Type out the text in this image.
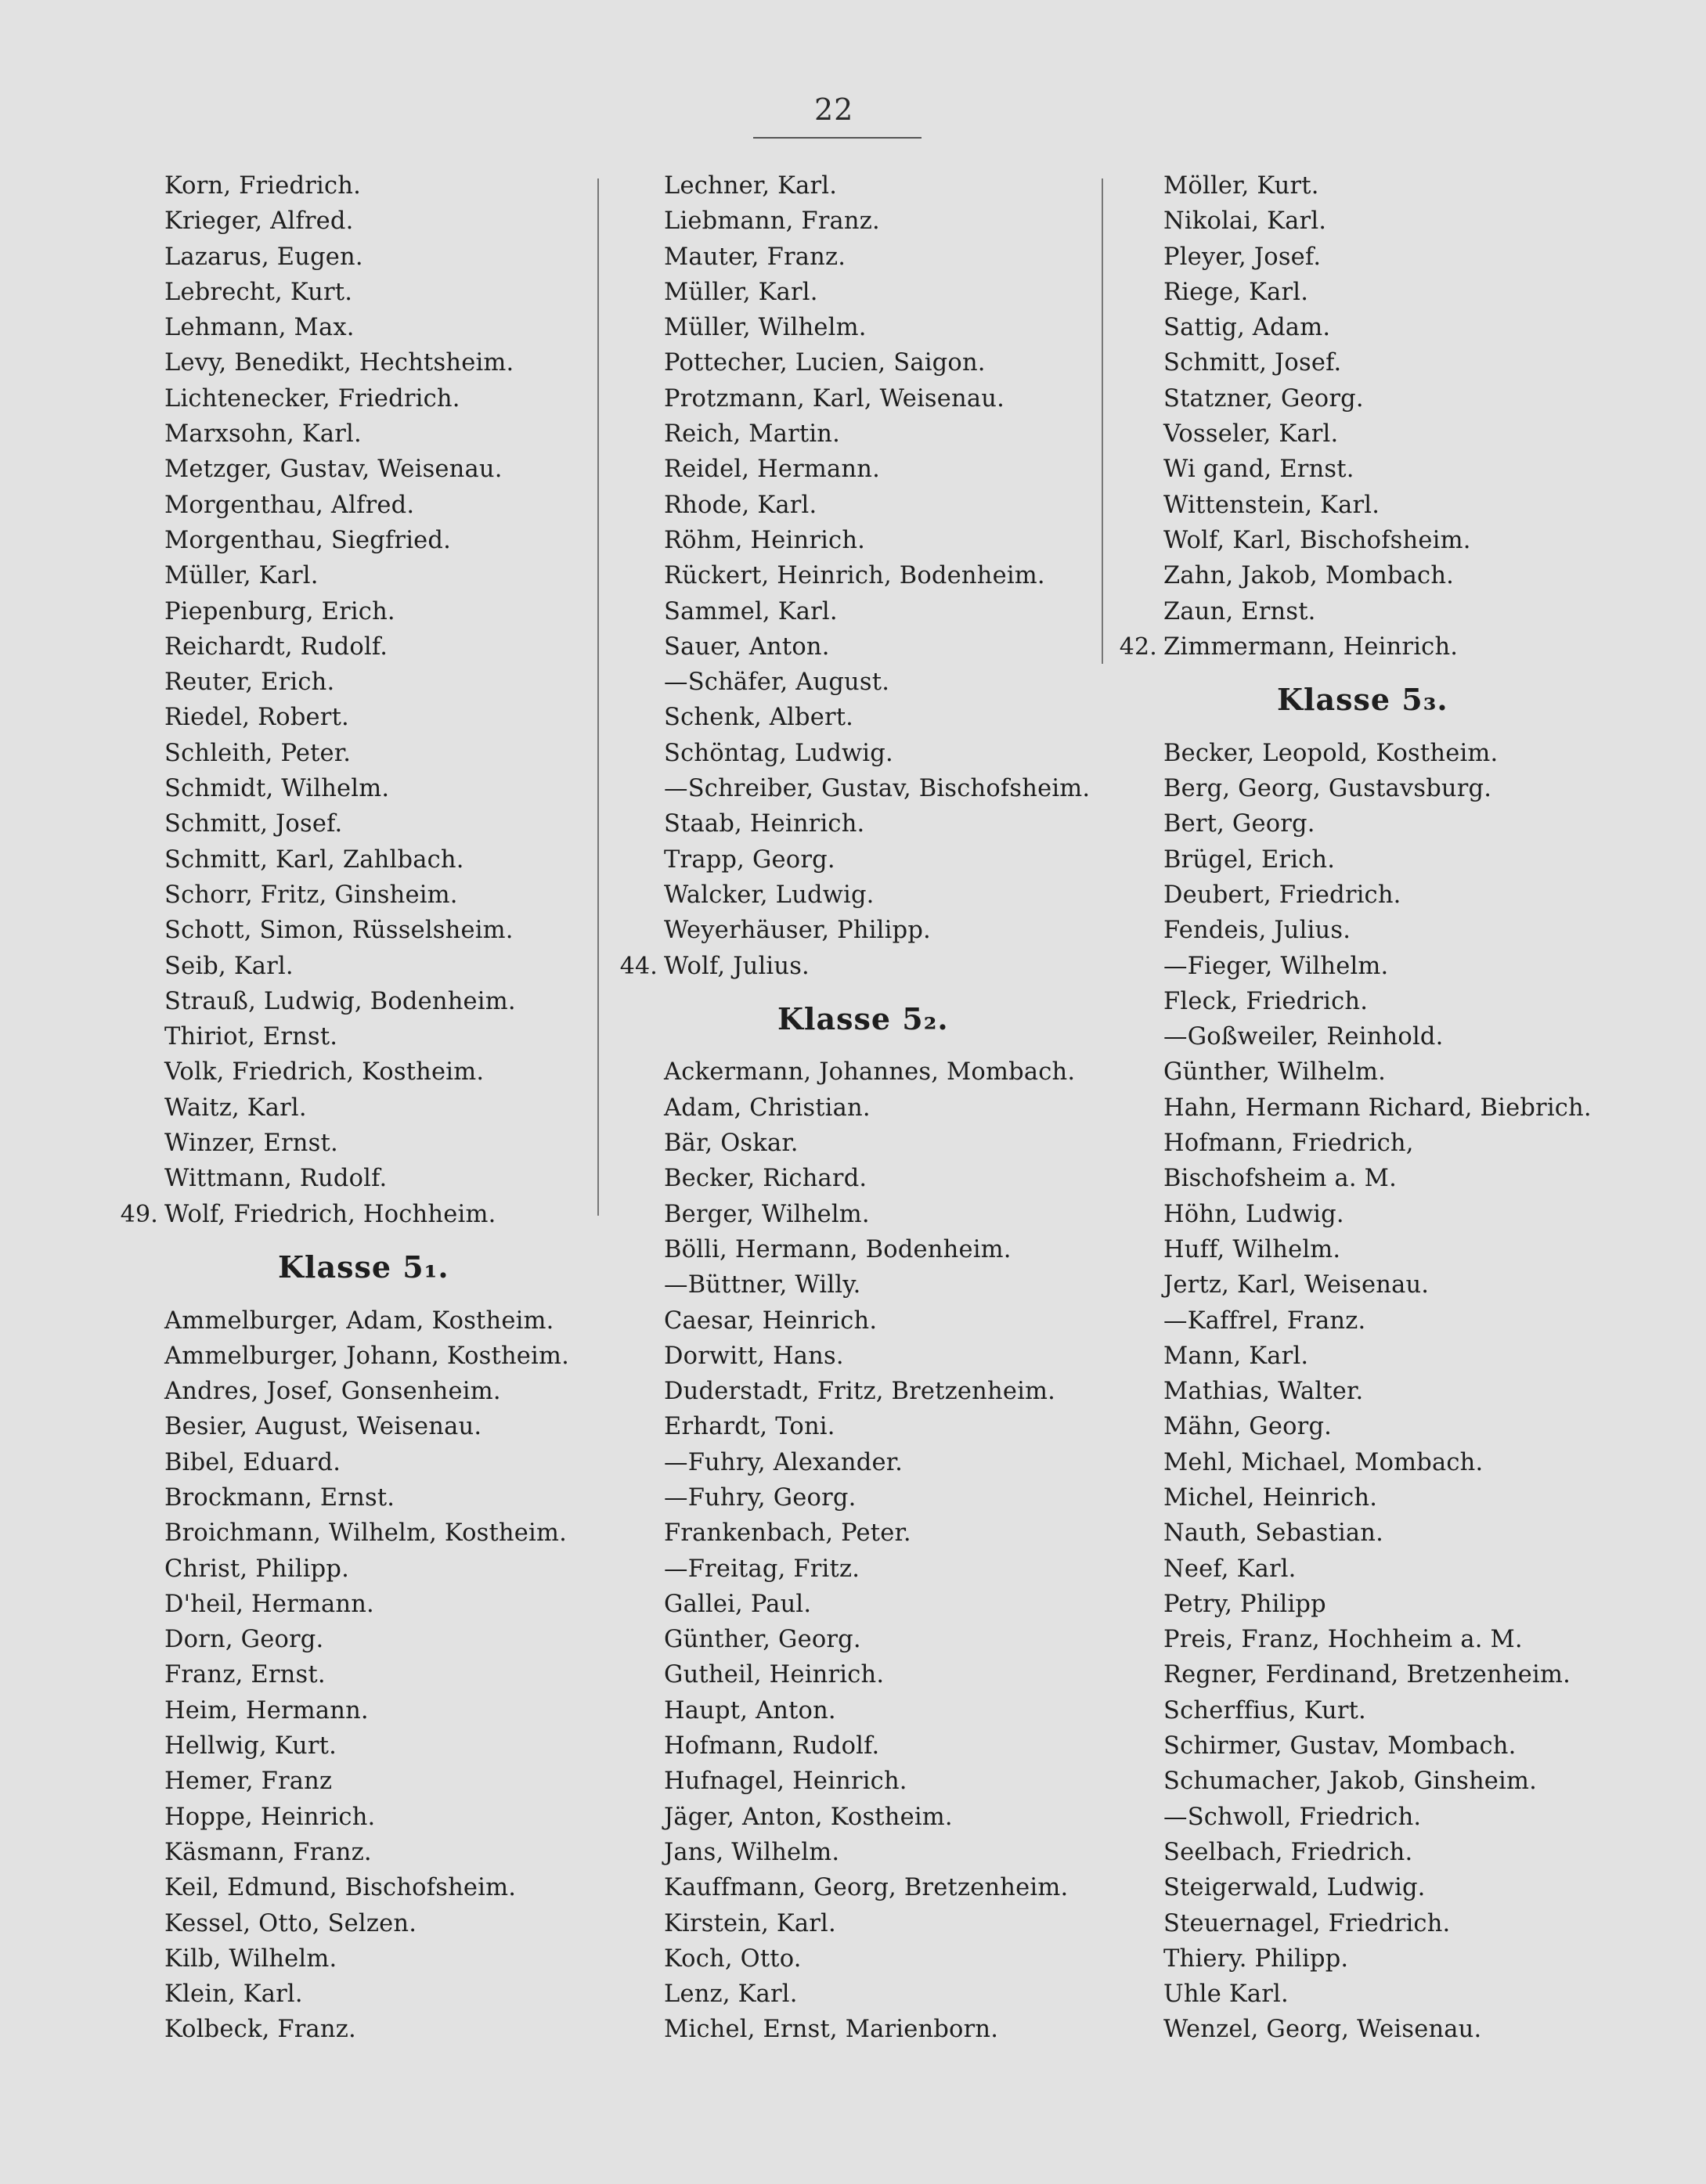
22
Korn, Friedrich.
Krieger, Alfred.
Lazarus, Eugen.
Lebrecht, Kurt.
Lehmann, Max.
Levy, Benedikt, Hechtsheim.
Lichtenecker, Friedrich.
Marxsohn, Karl.
Metzger, Gustav, Weisenau.
Morgenthau, Alfred.
Morgenthau, Siegfried.
Müller, Karl.
Piepenburg, Erich.
Reichardt, Rudolf.
Reuter, Erich.
Riedel, Robert.
Schleith, Peter.
Schmidt, Wilhelm.
Schmitt, Josef.
Schmitt, Karl, Zahlbach.
Schorr, Fritz, Ginsheim.
Schott, Simon, Rüsselsheim.
Seib, Karl.
Strauß, Ludwig, Bodenheim.
Thiriot, Ernst.
Volk, Friedrich, Kostheim.
Waitz, Karl.
Winzer, Ernst.
Wittmann, Rudolf.
49. Wolf, Friedrich, Hochheim.
Klasse 5₁.
Ammelburger, Adam, Kostheim.
Ammelburger, Johann, Kostheim.
Andres, Josef, Gonsenheim.
Besier, August, Weisenau.
Bibel, Eduard.
Brockmann, Ernst.
Broichmann, Wilhelm, Kostheim.
Christ, Philipp.
D'heil, Hermann.
Dorn, Georg.
Franz, Ernst.
Heim, Hermann.
Hellwig, Kurt.
Hemer, Franz
Hoppe, Heinrich.
Käsmann, Franz.
Keil, Edmund, Bischofsheim.
Kessel, Otto, Selzen.
Kilb, Wilhelm.
Klein, Karl.
Kolbeck, Franz.
Lechner, Karl.
Liebmann, Franz.
Mauter, Franz.
Müller, Karl.
Müller, Wilhelm.
Pottecher, Lucien, Saigon.
Protzmann, Karl, Weisenau.
Reich, Martin.
Reidel, Hermann.
Rhode, Karl.
Röhm, Heinrich.
Rückert, Heinrich, Bodenheim.
Sammel, Karl.
Sauer, Anton.
—Schäfer, August.
Schenk, Albert.
Schöntag, Ludwig.
—Schreiber, Gustav, Bischofsheim.
Staab, Heinrich.
Trapp, Georg.
Walcker, Ludwig.
Weyerhäuser, Philipp.
44. Wolf, Julius.
Klasse 5₂.
Ackermann, Johannes, Mombach.
Adam, Christian.
Bär, Oskar.
Becker, Richard.
Berger, Wilhelm.
Bölli, Hermann, Bodenheim.
—Büttner, Willy.
Caesar, Heinrich.
Dorwitt, Hans.
Duderstadt, Fritz, Bretzenheim.
Erhardt, Toni.
—Fuhry, Alexander.
—Fuhry, Georg.
Frankenbach, Peter.
—Freitag, Fritz.
Gallei, Paul.
Günther, Georg.
Gutheil, Heinrich.
Haupt, Anton.
Hofmann, Rudolf.
Hufnagel, Heinrich.
Jäger, Anton, Kostheim.
Jans, Wilhelm.
Kauffmann, Georg, Bretzenheim.
Kirstein, Karl.
Koch, Otto.
Lenz, Karl.
Michel, Ernst, Marienborn.
Möller, Kurt.
Nikolai, Karl.
Pleyer, Josef.
Riege, Karl.
Sattig, Adam.
Schmitt, Josef.
Statzner, Georg.
Vosseler, Karl.
Wi gand, Ernst.
Wittenstein, Karl.
Wolf, Karl, Bischofsheim.
Zahn, Jakob, Mombach.
Zaun, Ernst.
42. Zimmermann, Heinrich.
Klasse 5₃.
Becker, Leopold, Kostheim.
Berg, Georg, Gustavsburg.
Bert, Georg.
Brügel, Erich.
Deubert, Friedrich.
Fendeis, Julius.
—Fieger, Wilhelm.
Fleck, Friedrich.
—Goßweiler, Reinhold.
Günther, Wilhelm.
Hahn, Hermann Richard, Biebrich.
Hofmann, Friedrich, Bischofsheim a. M.
Höhn, Ludwig.
Huff, Wilhelm.
Jertz, Karl, Weisenau.
—Kaffrel, Franz.
Mann, Karl.
Mathias, Walter.
Mähn, Georg.
Mehl, Michael, Mombach.
Michel, Heinrich.
Nauth, Sebastian.
Neef, Karl.
Petry, Philipp
Preis, Franz, Hochheim a. M.
Regner, Ferdinand, Bretzenheim.
Scherffius, Kurt.
Schirmer, Gustav, Mombach.
Schumacher, Jakob, Ginsheim.
—Schwoll, Friedrich.
Seelbach, Friedrich.
Steigerwald, Ludwig.
Steuernagel, Friedrich.
Thiery. Philipp.
Uhle Karl.
Wenzel, Georg, Weisenau.
